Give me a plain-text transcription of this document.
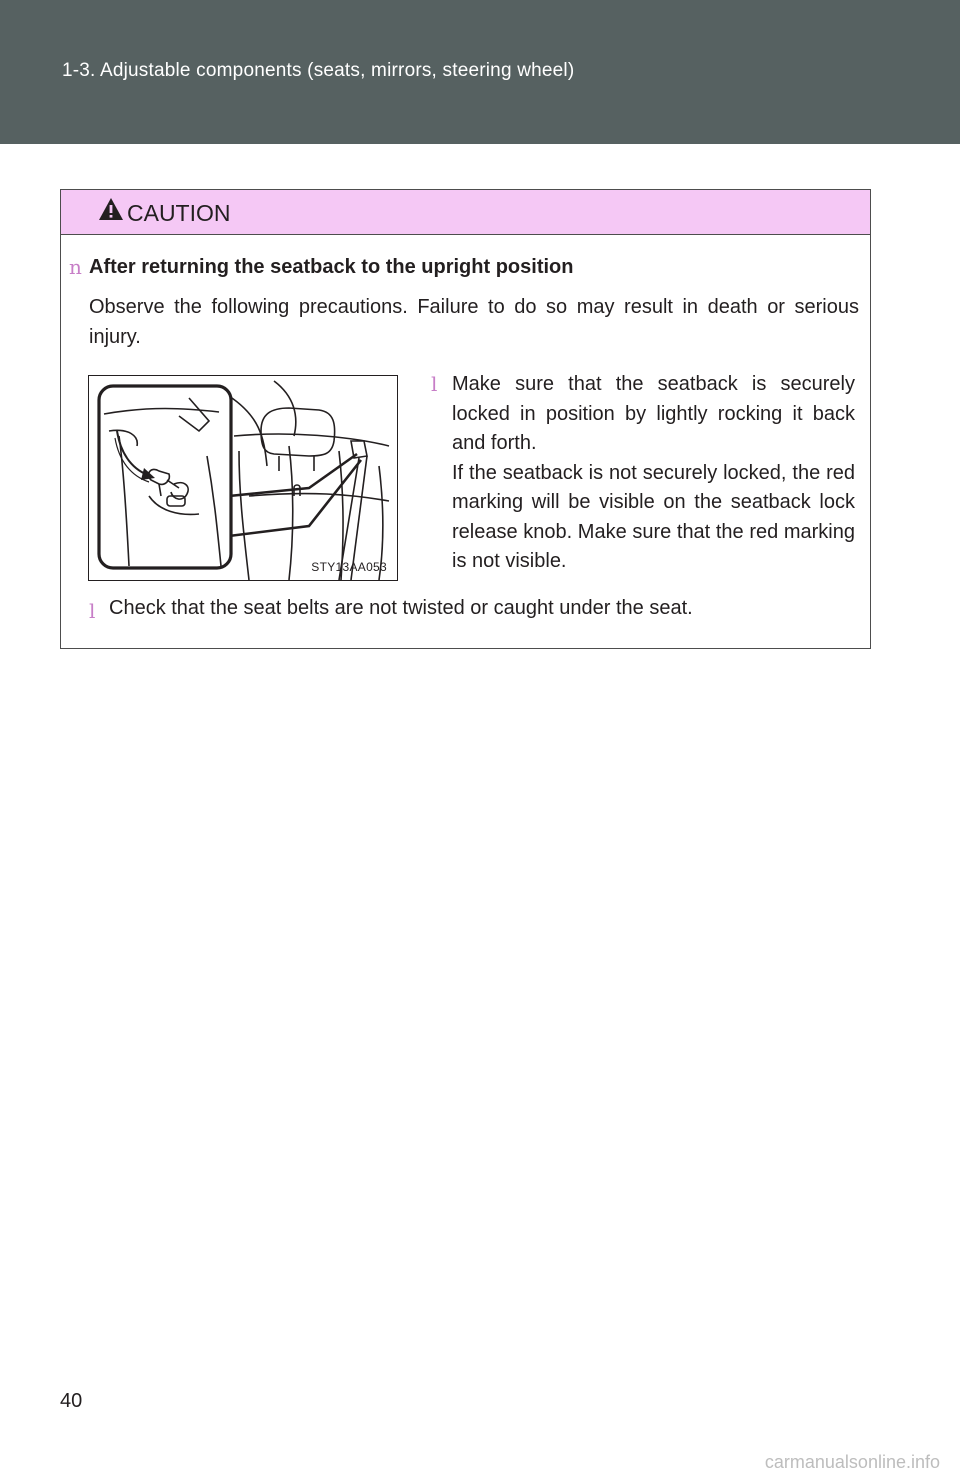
1-3. Adjustable components (seats, mirrors, steering wheel)
CAUTION
n After returning the seatback to the upright position
Observe the following precautions. Failure to do so may result in death or serious injury.
STY13AA053
l Make sure that the seatback is securely locked in position by lightly rocking it back and forth.

If the seatback is not securely locked, the red marking will be visible on the seatback lock release knob. Make sure that the red marking is not visible.

l Check that the seat belts are not twisted or caught under the seat.
40
carmanualsonline.info
